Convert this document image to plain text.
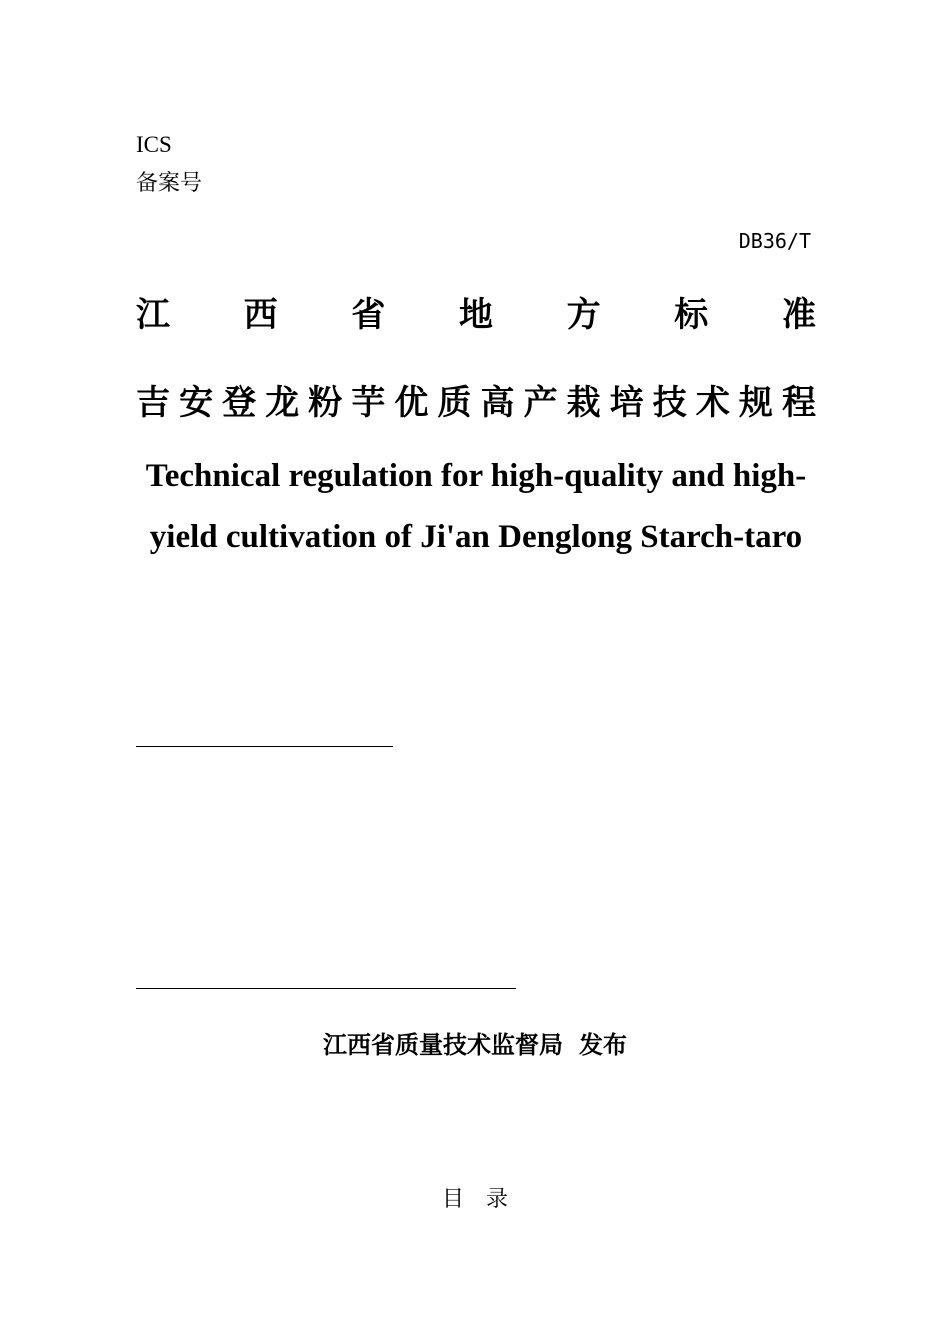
ICS
备案号
DB36/T
江 西 省 地 方 标 准
吉 安 登 龙 粉 芋 优 质 高 产 栽 培 技 术 规 程
Technical regulation for high-quality and high-yield cultivation of Ji'an Denglong Starch-taro
江西省质量技术监督局 发布
目 录
